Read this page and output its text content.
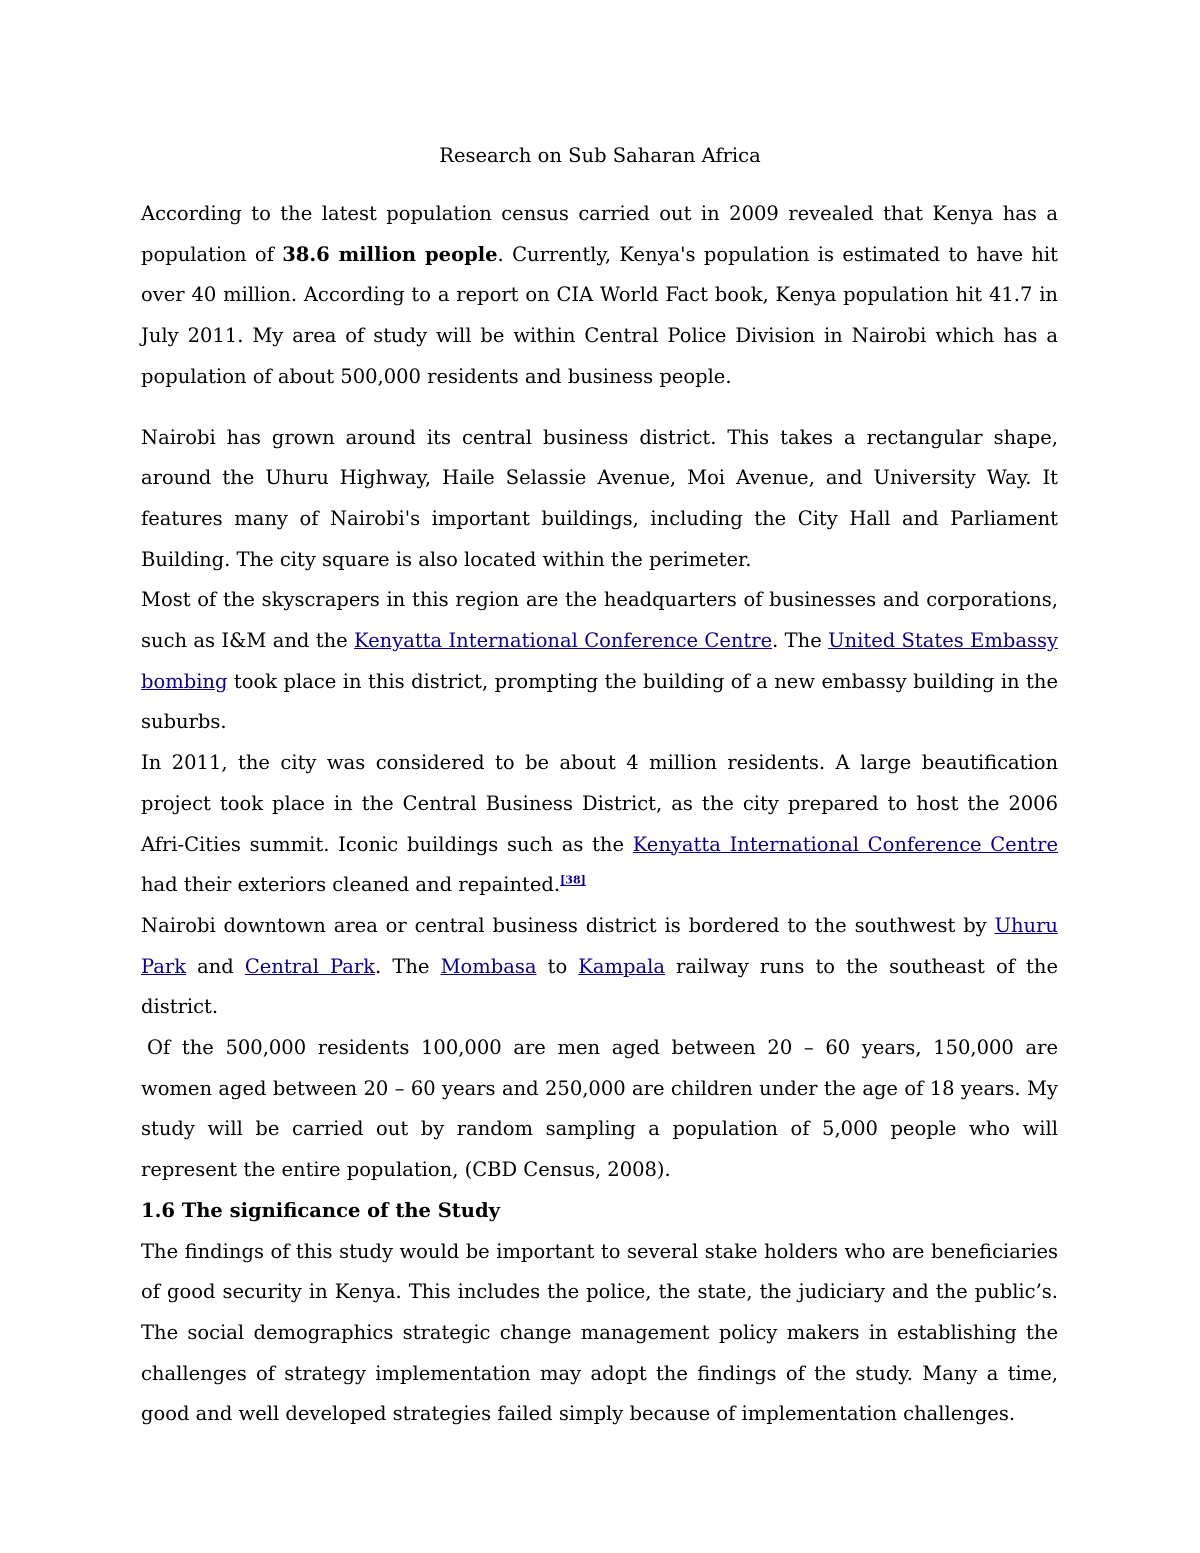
Research on Sub Saharan Africa

According to the latest population census carried out in 2009 revealed that Kenya has a population of 38.6 million people. Currently, Kenya's population is estimated to have hit over 40 million. According to a report on CIA World Fact book, Kenya population hit 41.7 in July 2011. My area of study will be within Central Police Division in Nairobi which has a population of about 500,000 residents and business people.

Nairobi has grown around its central business district. This takes a rectangular shape, around the Uhuru Highway, Haile Selassie Avenue, Moi Avenue, and University Way. It features many of Nairobi's important buildings, including the City Hall and Parliament Building. The city square is also located within the perimeter.

Most of the skyscrapers in this region are the headquarters of businesses and corporations, such as I&M and the Kenyatta International Conference Centre. The United States Embassy bombing took place in this district, prompting the building of a new embassy building in the suburbs.

In 2011, the city was considered to be about 4 million residents. A large beautification project took place in the Central Business District, as the city prepared to host the 2006 Afri-Cities summit. Iconic buildings such as the Kenyatta International Conference Centre had their exteriors cleaned and repainted.[38]

Nairobi downtown area or central business district is bordered to the southwest by Uhuru Park and Central Park. The Mombasa to Kampala railway runs to the southeast of the district.

Of the 500,000 residents 100,000 are men aged between 20 – 60 years, 150,000 are women aged between 20 – 60 years and 250,000 are children under the age of 18 years. My study will be carried out by random sampling a population of 5,000 people who will represent the entire population, (CBD Census, 2008).

1.6 The significance of the Study

The findings of this study would be important to several stake holders who are beneficiaries of good security in Kenya. This includes the police, the state, the judiciary and the public’s. The social demographics strategic change management policy makers in establishing the challenges of strategy implementation may adopt the findings of the study. Many a time, good and well developed strategies failed simply because of implementation challenges.
